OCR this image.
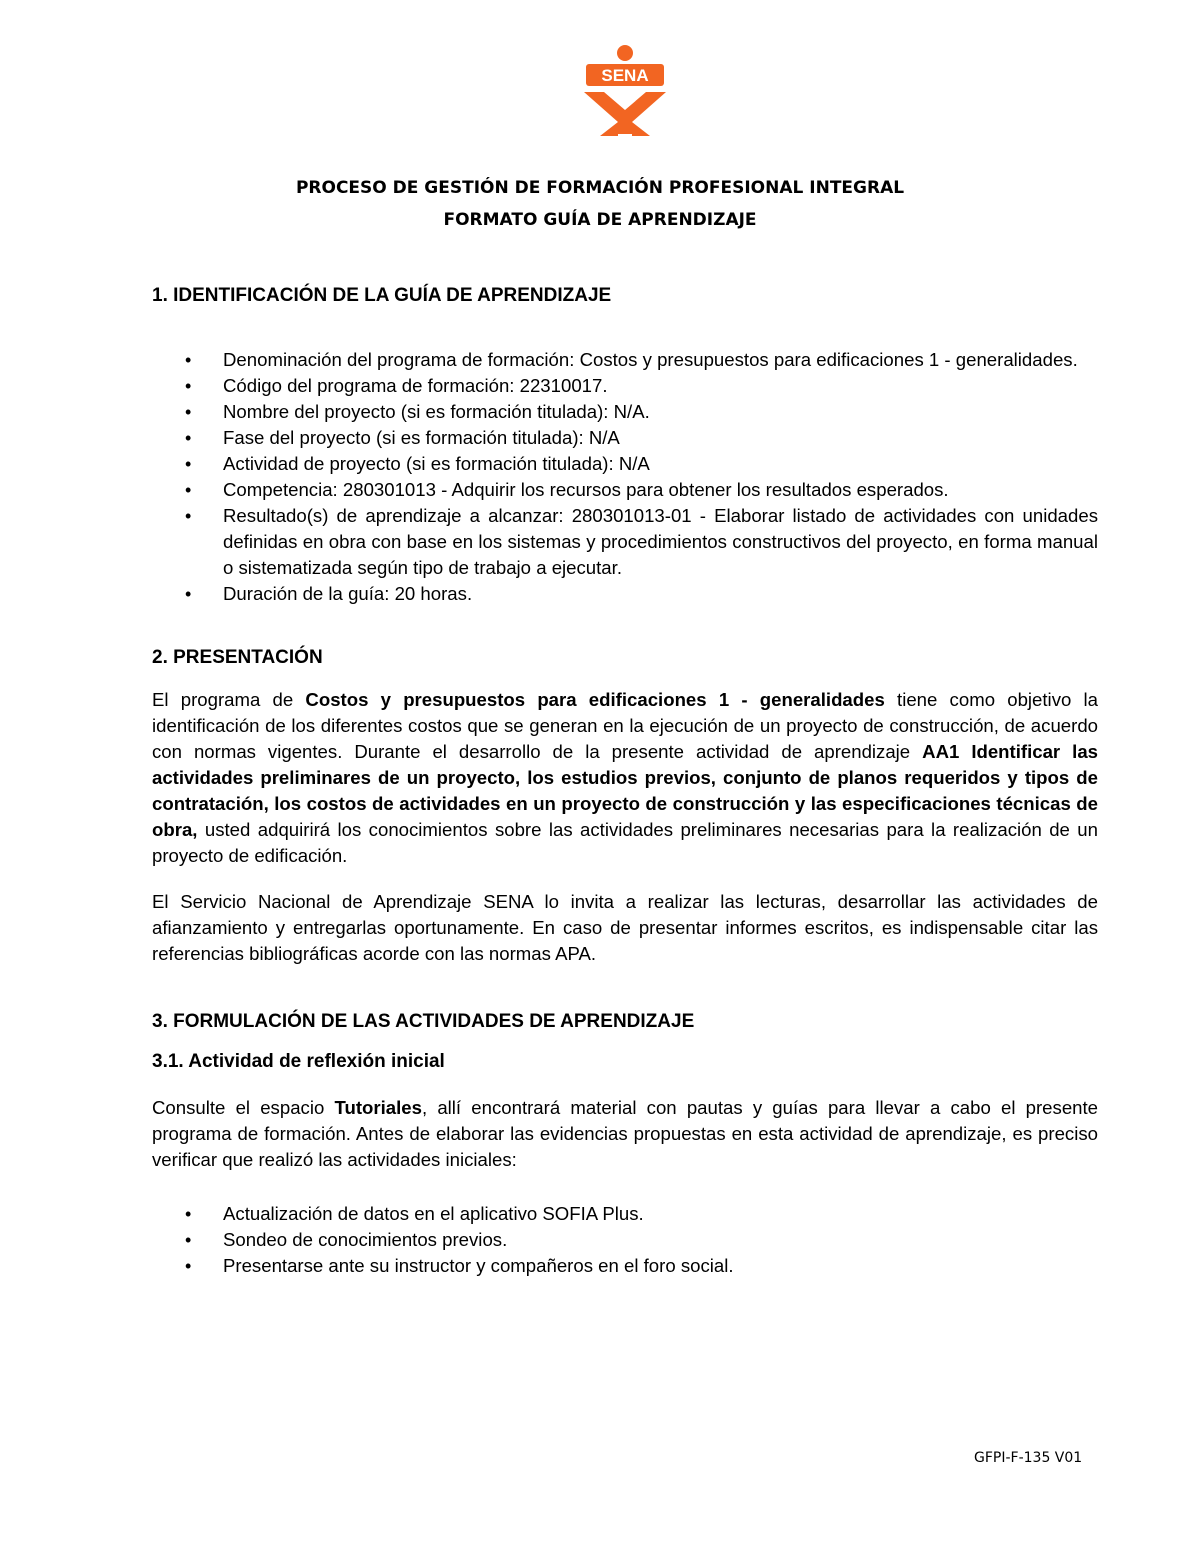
SENA
PROCESO DE GESTIÓN DE FORMACIÓN PROFESIONAL INTEGRAL
FORMATO GUÍA DE APRENDIZAJE

1. IDENTIFICACIÓN DE LA GUÍA DE APRENDIZAJE

• Denominación del programa de formación: Costos y presupuestos para edificaciones 1 - generalidades.
• Código del programa de formación: 22310017.
• Nombre del proyecto (si es formación titulada): N/A.
• Fase del proyecto (si es formación titulada): N/A
• Actividad de proyecto (si es formación titulada): N/A
• Competencia: 280301013 - Adquirir los recursos para obtener los resultados esperados.
• Resultado(s) de aprendizaje a alcanzar: 280301013-01 - Elaborar listado de actividades con unidades definidas en obra con base en los sistemas y procedimientos constructivos del proyecto, en forma manual o sistematizada según tipo de trabajo a ejecutar.
• Duración de la guía: 20 horas.

2. PRESENTACIÓN

El programa de Costos y presupuestos para edificaciones 1 - generalidades tiene como objetivo la identificación de los diferentes costos que se generan en la ejecución de un proyecto de construcción, de acuerdo con normas vigentes. Durante el desarrollo de la presente actividad de aprendizaje AA1 Identificar las actividades preliminares de un proyecto, los estudios previos, conjunto de planos requeridos y tipos de contratación, los costos de actividades en un proyecto de construcción y las especificaciones técnicas de obra, usted adquirirá los conocimientos sobre las actividades preliminares necesarias para la realización de un proyecto de edificación.

El Servicio Nacional de Aprendizaje SENA lo invita a realizar las lecturas, desarrollar las actividades de afianzamiento y entregarlas oportunamente. En caso de presentar informes escritos, es indispensable citar las referencias bibliográficas acorde con las normas APA.

3. FORMULACIÓN DE LAS ACTIVIDADES DE APRENDIZAJE

3.1. Actividad de reflexión inicial

Consulte el espacio Tutoriales, allí encontrará material con pautas y guías para llevar a cabo el presente programa de formación. Antes de elaborar las evidencias propuestas en esta actividad de aprendizaje, es preciso verificar que realizó las actividades iniciales:

• Actualización de datos en el aplicativo SOFIA Plus.
• Sondeo de conocimientos previos.
• Presentarse ante su instructor y compañeros en el foro social.
GFPI-F-135 V01
